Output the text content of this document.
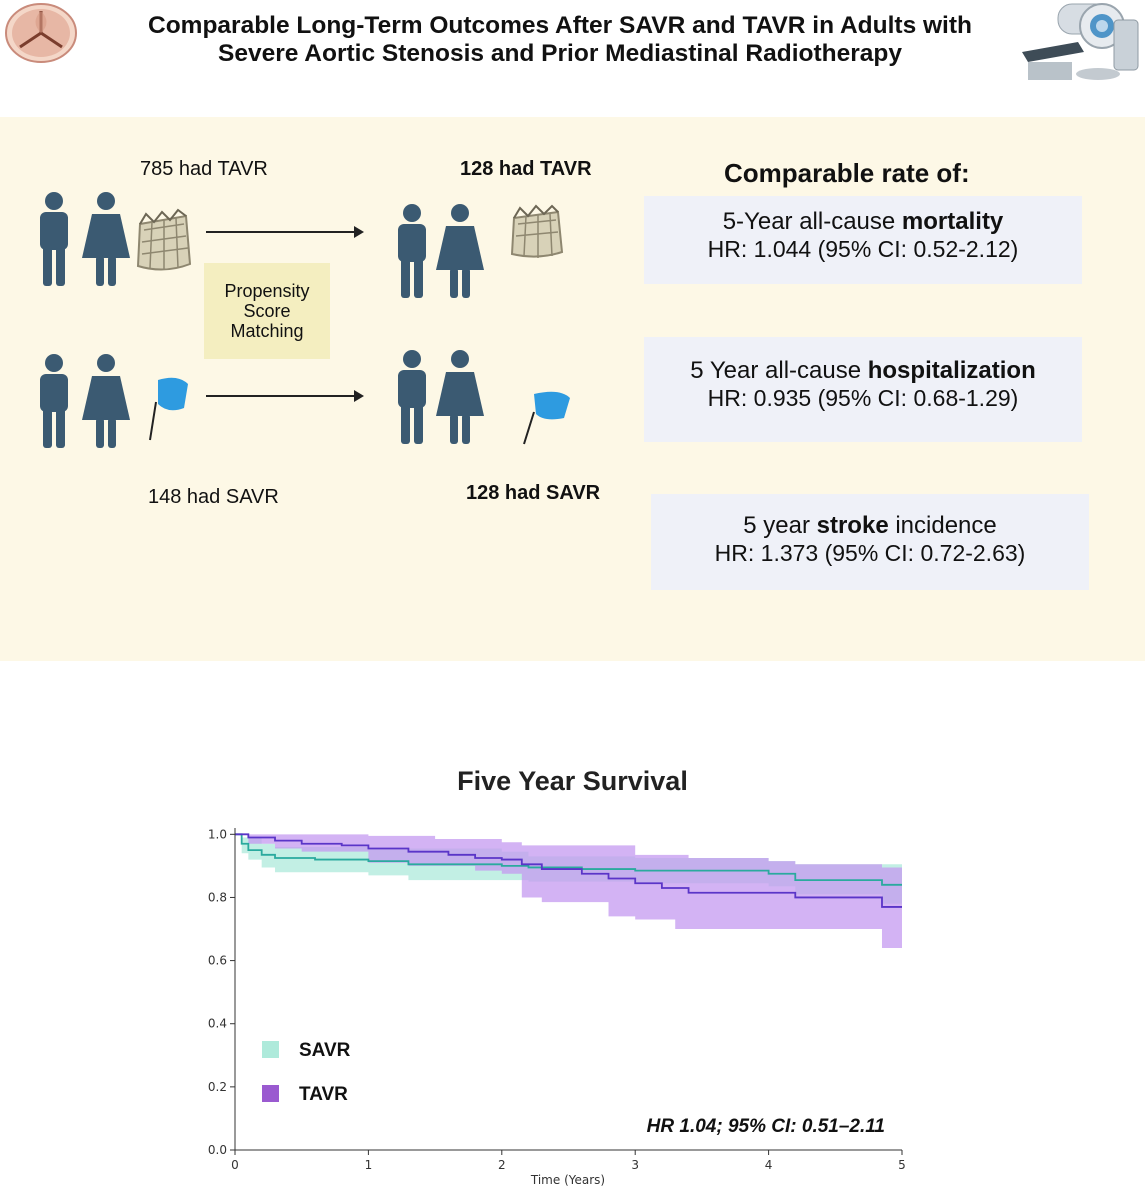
Comparable Long-Term Outcomes After SAVR and TAVR in Adults with
Severe Aortic Stenosis and Prior Mediastinal Radiotherapy
785 had TAVR	128 had TAVR
148 had SAVR	128 had SAVR
Propensity
Score
Matching
Comparable rate of:
5-Year all-cause mortality
HR: 1.044 (95% CI: 0.52-2.12)
5 Year all-cause hospitalization
HR: 0.935 (95% CI: 0.68-1.29)
5 year stroke incidence
HR: 1.373 (95% CI: 0.72-2.63)
Five Year Survival
0	1	2	3	4	5
0.0
0.2
0.4
0.6
0.8
1.0
SAVR
TAVR
HR 1.04; 95% CI: 0.51–2.11
Time (Years)
